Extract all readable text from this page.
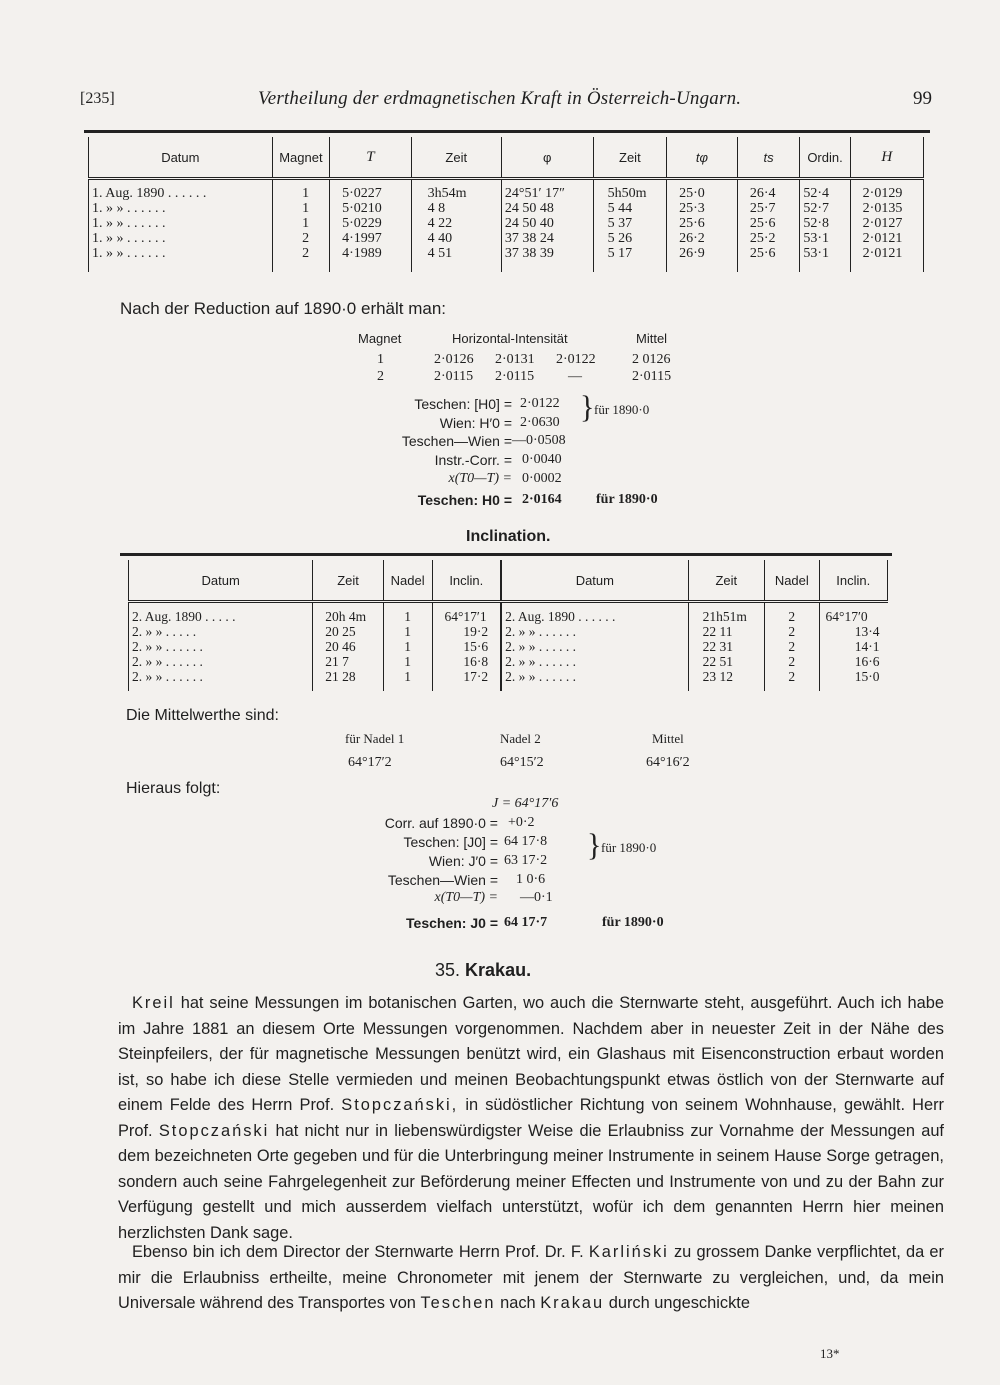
[235]	Vertheilung der erdmagnetischen Kraft in Österreich-Ungarn.	99
Datum	Magnet	T	Zeit	φ	Zeit	tφ	ts	Ordin.	H
1. Aug. 1890 . . . . . .	1	5·0227	3h54m	24°51′ 17″	5h50m	25·0	26·4	52·4	2·0129
1. » » . . . . . .	1	5·0210	4 8	24 50 48	5 44	25·3	25·7	52·7	2·0135
1. » » . . . . . .	1	5·0229	4 22	24 50 40	5 37	25·6	25·6	52·8	2·0127
1. » » . . . . . .	2	4·1997	4 40	37 38 24	5 26	26·2	25·2	53·1	2·0121
1. » » . . . . . .	2	4·1989	4 51	37 38 39	5 17	26·9	25·6	53·1	2·0121
Nach der Reduction auf 1890·0 erhält man:
Magnet	Horizontal-Intensität	Mittel
1	2·0126 2·0131 2·0122	2 0126
2	2·0115 2·0115 —	2·0115
Teschen: [H0] = 2·0122
Wien: H′0 = 2·0630 } für 1890·0
Teschen—Wien = —0·0508
Instr.-Corr. = 0·0040
x(T0—T) = 0·0002
Teschen: H0 = 2·0164 für 1890·0
Inclination.
Datum	Zeit	Nadel	Inclin.	Datum	Zeit	Nadel	Inclin.
2. Aug. 1890 . . . . .	20h 4m	1	64°17′1	2. Aug. 1890 . . . . . .	21h51m	2	64°17′0
2. » » . . . . .	20 25	1	19·2	2. » » . . . . . .	22 11	2	13·4
2. » » . . . . . .	20 46	1	15·6	2. » » . . . . . .	22 31	2	14·1
2. » » . . . . . .	21 7	1	16·8	2. » » . . . . . .	22 51	2	16·6
2. » » . . . . . .	21 28	1	17·2	2. » » . . . . . .	23 12	2	15·0
Die Mittelwerthe sind:
für Nadel 1	Nadel 2	Mittel
64°17′2	64°15′2	64°16′2
Hieraus folgt:
J = 64°17′6
Corr. auf 1890·0 = +0·2
Teschen: [J0] = 64 17·8
Wien: J′0 = 63 17·2 } für 1890·0
Teschen—Wien = 1 0·6
x(T0—T) = —0·1
Teschen: J0 = 64 17·7	für 1890·0
35. Krakau.
Kreil hat seine Messungen im botanischen Garten, wo auch die Sternwarte steht, ausgeführt. Auch ich habe im Jahre 1881 an diesem Orte Messungen vorgenommen. Nachdem aber in neuester Zeit in der Nähe des Steinpfeilers, der für magnetische Messungen benützt wird, ein Glashaus mit Eisenconstruction erbaut worden ist, so habe ich diese Stelle vermieden und meinen Beobachtungspunkt etwas östlich von der Sternwarte auf einem Felde des Herrn Prof. Stopczański, in südöstlicher Richtung von seinem Wohnhause, gewählt. Herr Prof. Stopczański hat nicht nur in liebenswürdigster Weise die Erlaubniss zur Vornahme der Messungen auf dem bezeichneten Orte gegeben und für die Unterbringung meiner Instrumente in seinem Hause Sorge getragen, sondern auch seine Fahrgelegenheit zur Beförderung meiner Effecten und Instrumente von und zu der Bahn zur Verfügung gestellt und mich ausserdem vielfach unterstützt, wofür ich dem genannten Herrn hier meinen herzlichsten Dank sage.
Ebenso bin ich dem Director der Sternwarte Herrn Prof. Dr. F. Karliński zu grossem Danke verpflichtet, da er mir die Erlaubniss ertheilte, meine Chronometer mit jenem der Sternwarte zu vergleichen, und, da mein Universale während des Transportes von Teschen nach Krakau durch ungeschickte
13*
